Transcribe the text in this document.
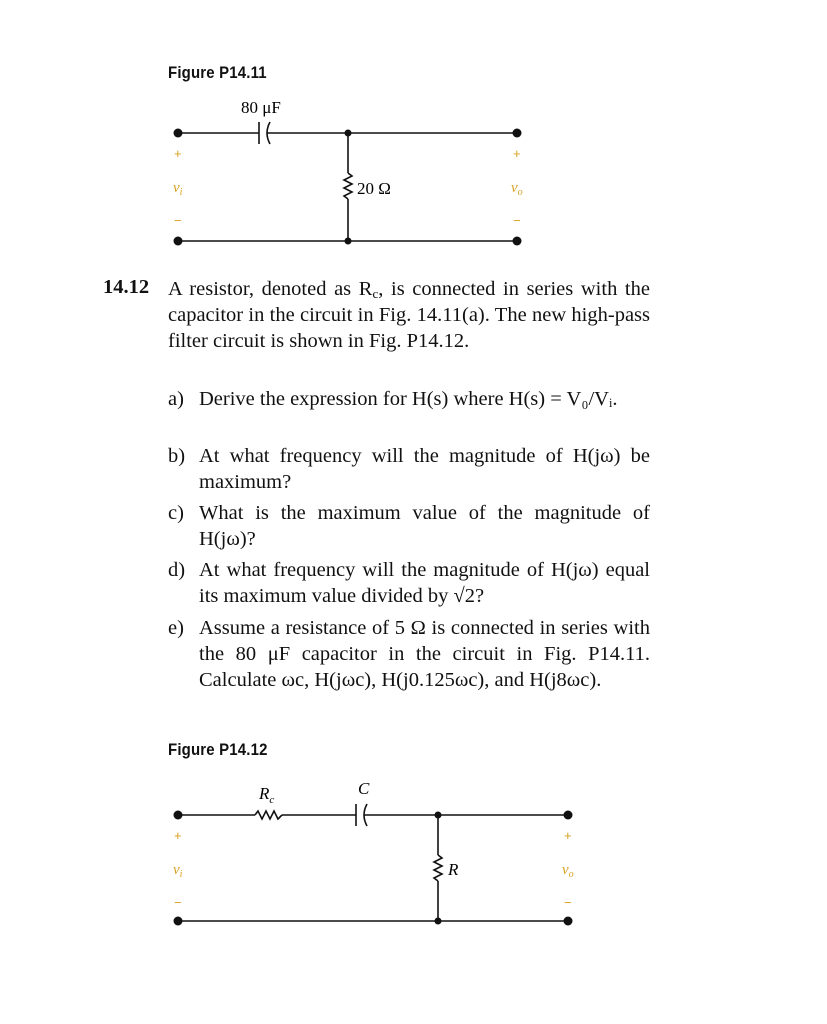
Figure P14.11
80 μF
20 Ω
+
$v_i$
−
+
$v_o$
−
14.12 A resistor, denoted as $R_c$, is connected in series with the capacitor in the circuit in Fig. 14.11(a). The new high-pass filter circuit is shown in Fig. P14.12.
a) Derive the expression for H(s) where H(s) = V₀/Vᵢ.
b) At what frequency will the magnitude of H(jω) be maximum?
c) What is the maximum value of the magnitude of H(jω)?
d) At what frequency will the magnitude of H(jω) equal its maximum value divided by √2?
e) Assume a resistance of 5 Ω is connected in series with the 80 μF capacitor in the circuit in Fig. P14.11. Calculate ωc, H(jωc), H(j0.125ωc), and H(j8ωc).
Figure P14.12
$R_c$
C
R
+
$v_i$
−
+
$v_o$
−
